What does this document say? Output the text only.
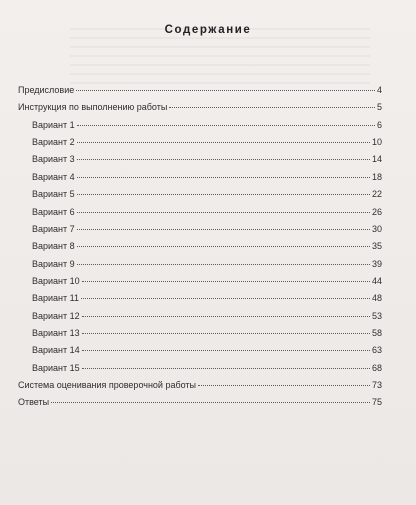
Содержание
Предисловие	4
Инструкция по выполнению работы	5
Вариант 1	6
Вариант 2	10
Вариант 3	14
Вариант 4	18
Вариант 5	22
Вариант 6	26
Вариант 7	30
Вариант 8	35
Вариант 9	39
Вариант 10	44
Вариант 11	48
Вариант 12	53
Вариант 13	58
Вариант 14	63
Вариант 15	68
Система оценивания проверочной работы	73
Ответы	75
